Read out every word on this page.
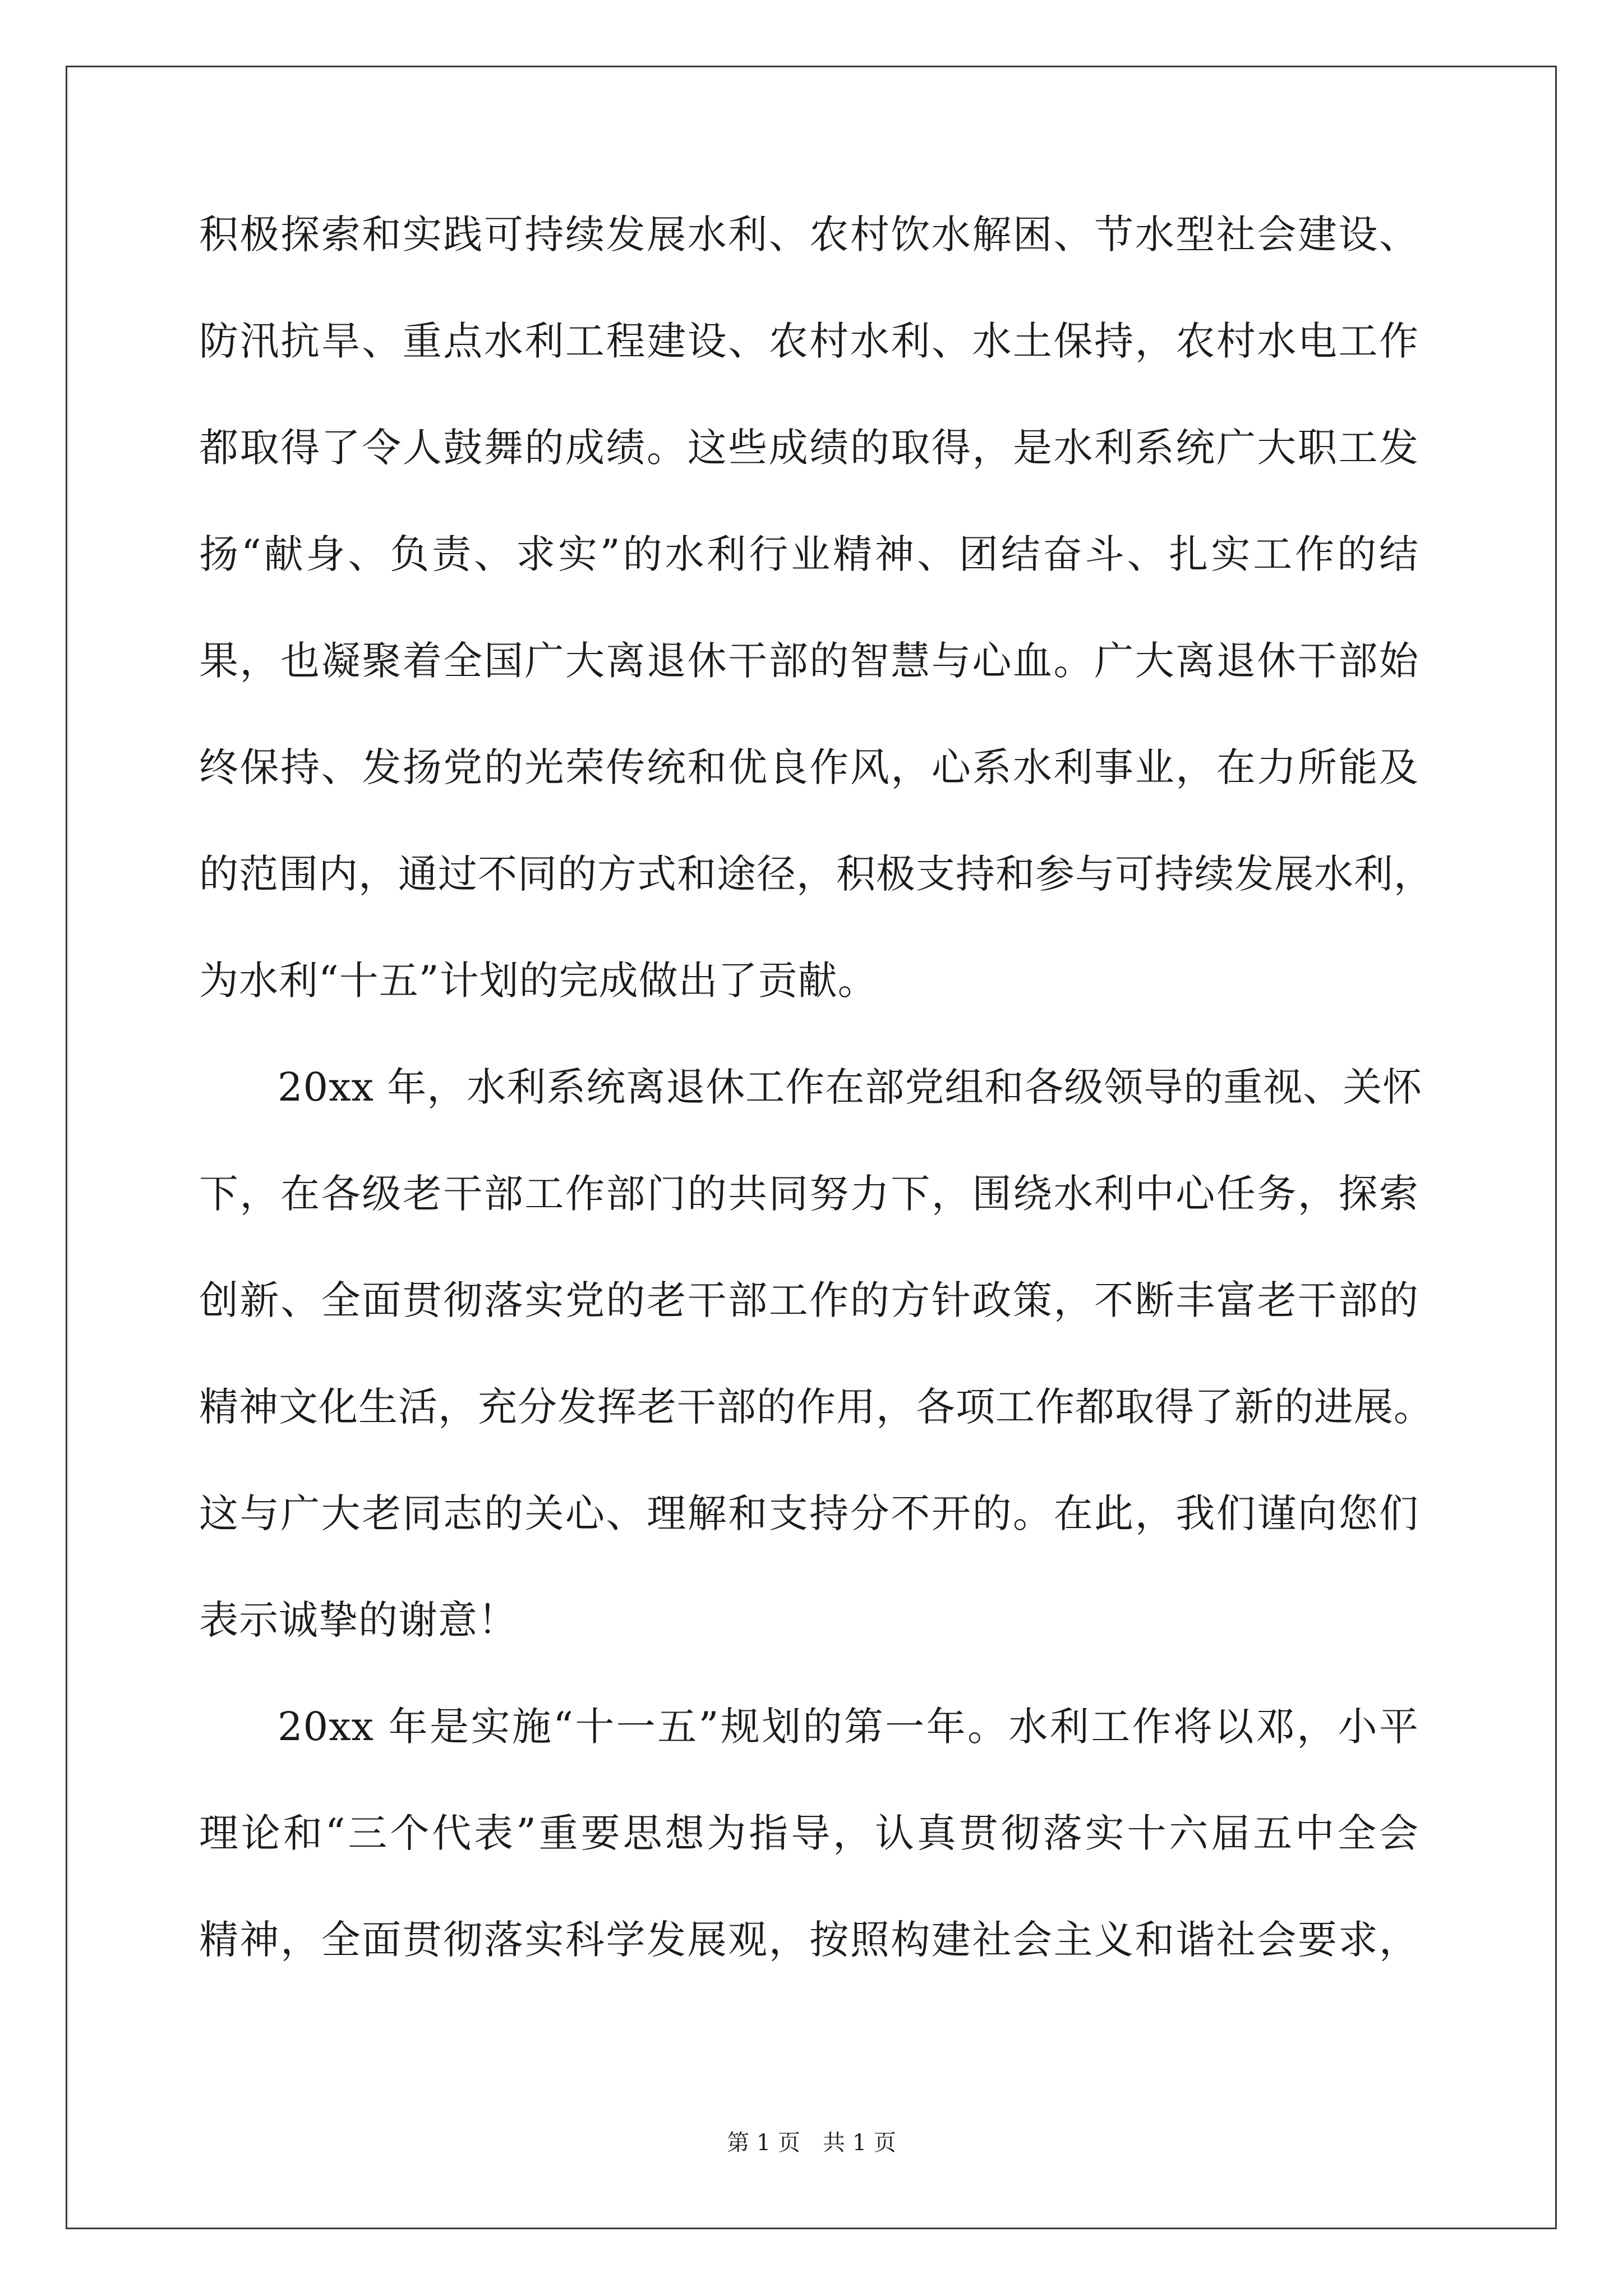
积极探索和实践可持续发展水利、农村饮水解困、节水型社会建设、
防汛抗旱、重点水利工程建设、农村水利、水土保持，农村水电工作
都取得了令人鼓舞的成绩。这些成绩的取得，是水利系统广大职工发
扬“献身、负责、求实”的水利行业精神、团结奋斗、扎实工作的结
果，也凝聚着全国广大离退休干部的智慧与心血。广大离退休干部始
终保持、发扬党的光荣传统和优良作风，心系水利事业，在力所能及
的范围内，通过不同的方式和途径，积极支持和参与可持续发展水利，
为水利“十五”计划的完成做出了贡献。
20xx 年，水利系统离退休工作在部党组和各级领导的重视、关怀
下，在各级老干部工作部门的共同努力下，围绕水利中心任务，探索
创新、全面贯彻落实党的老干部工作的方针政策，不断丰富老干部的
精神文化生活，充分发挥老干部的作用，各项工作都取得了新的进展。
这与广大老同志的关心、理解和支持分不开的。在此，我们谨向您们
表示诚挚的谢意！
20xx 年是实施“十一五”规划的第一年。水利工作将以邓，小平
理论和“三个代表”重要思想为指导，认真贯彻落实十六届五中全会
精神，全面贯彻落实科学发展观，按照构建社会主义和谐社会要求，
第 1 页　共 1 页
